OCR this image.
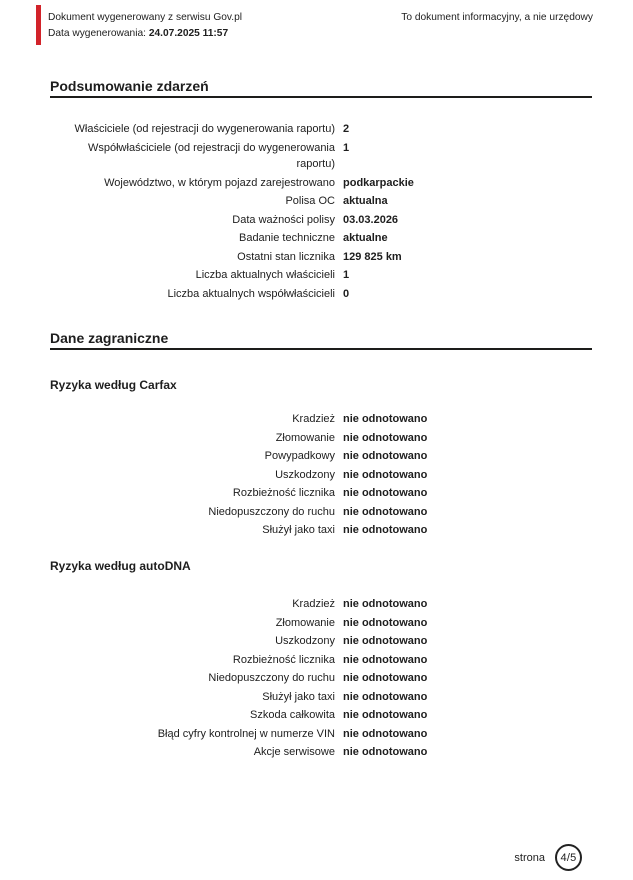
Dokument wygenerowany z serwisu Gov.pl
Data wygenerowania: 24.07.2025 11:57
To dokument informacyjny, a nie urzędowy
Podsumowanie zdarzeń
Właściciele (od rejestracji do wygenerowania raportu) 2
Współwłaściciele (od rejestracji do wygenerowania raportu)
1
Województwo, w którym pojazd zarejestrowano podkarpackie
Polisa OC aktualna
Data ważności polisy 03.03.2026
Badanie techniczne aktualne
Ostatni stan licznika 129 825 km
Liczba aktualnych właścicieli 1
Liczba aktualnych współwłaścicieli 0
Dane zagraniczne
Ryzyka według Carfax
Kradzież nie odnotowano
Złomowanie nie odnotowano
Powypadkowy nie odnotowano
Uszkodzony nie odnotowano
Rozbieżność licznika nie odnotowano
Niedopuszczony do ruchu nie odnotowano
Służył jako taxi nie odnotowano
Ryzyka według autoDNA
Kradzież nie odnotowano
Złomowanie nie odnotowano
Uszkodzony nie odnotowano
Rozbieżność licznika nie odnotowano
Niedopuszczony do ruchu nie odnotowano
Służył jako taxi nie odnotowano
Szkoda całkowita nie odnotowano
Błąd cyfry kontrolnej w numerze VIN nie odnotowano
Akcje serwisowe nie odnotowano
strona	4/5
